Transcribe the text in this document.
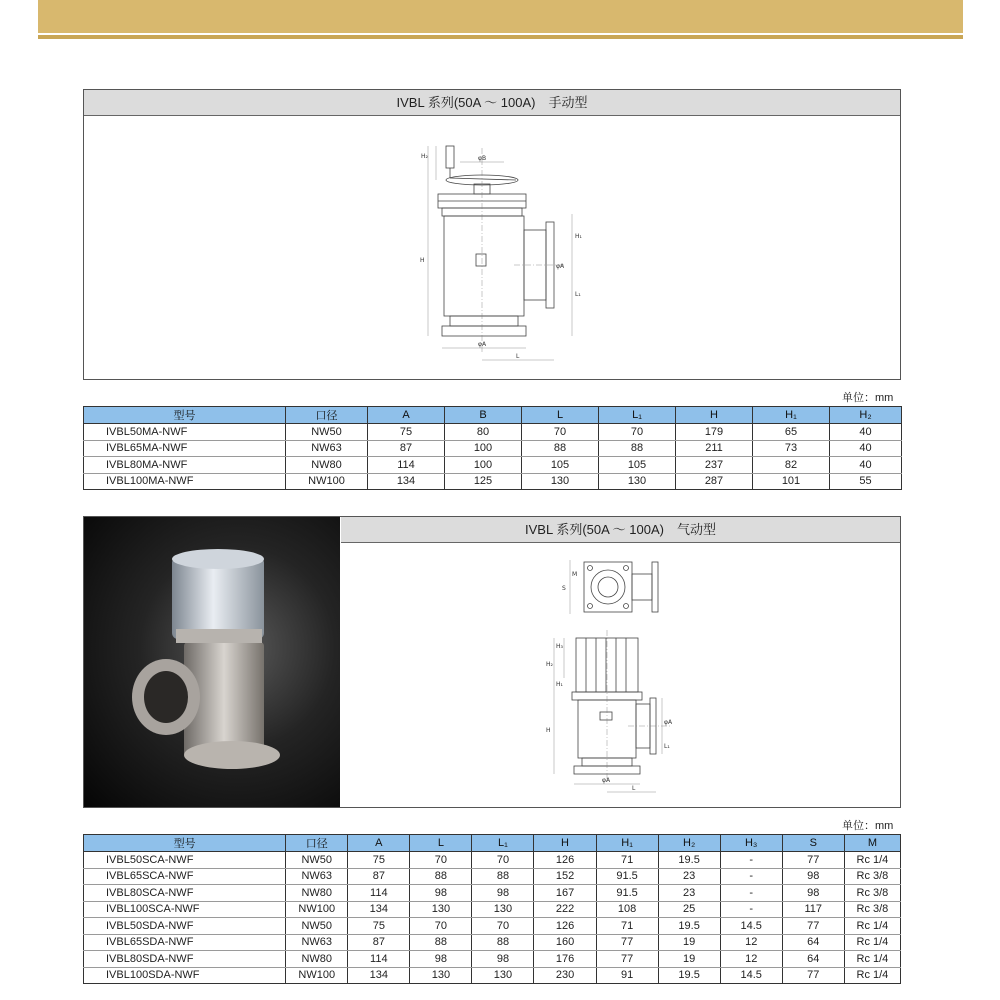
IVBL 系列(50A ～ 100A)　手动型
φB
H₂
H
H₁
φA
L₁
φA
L
单位：mm
型号	口径	A	B	L	L₁	H	H₁	H₂
IVBL50MA-NWF	NW50	75	80	70	70	179	65	40
IVBL65MA-NWF	NW63	87	100	88	88	211	73	40
IVBL80MA-NWF	NW80	114	100	105	105	237	82	40
IVBL100MA-NWF	NW100	134	125	130	130	287	101	55
IVBL 系列(50A ～ 100A)　气动型
M
S
H₃
H₂
H₁
H
φA
L₁
φA
L
单位：mm
型号	口径	A	L	L₁	H	H₁	H₂	H₃	S	M
IVBL50SCA-NWF	NW50	75	70	70	126	71	19.5	-	77	Rc 1/4
IVBL65SCA-NWF	NW63	87	88	88	152	91.5	23	-	98	Rc 3/8
IVBL80SCA-NWF	NW80	114	98	98	167	91.5	23	-	98	Rc 3/8
IVBL100SCA-NWF	NW100	134	130	130	222	108	25	-	117	Rc 3/8
IVBL50SDA-NWF	NW50	75	70	70	126	71	19.5	14.5	77	Rc 1/4
IVBL65SDA-NWF	NW63	87	88	88	160	77	19	12	64	Rc 1/4
IVBL80SDA-NWF	NW80	114	98	98	176	77	19	12	64	Rc 1/4
IVBL100SDA-NWF	NW100	134	130	130	230	91	19.5	14.5	77	Rc 1/4
